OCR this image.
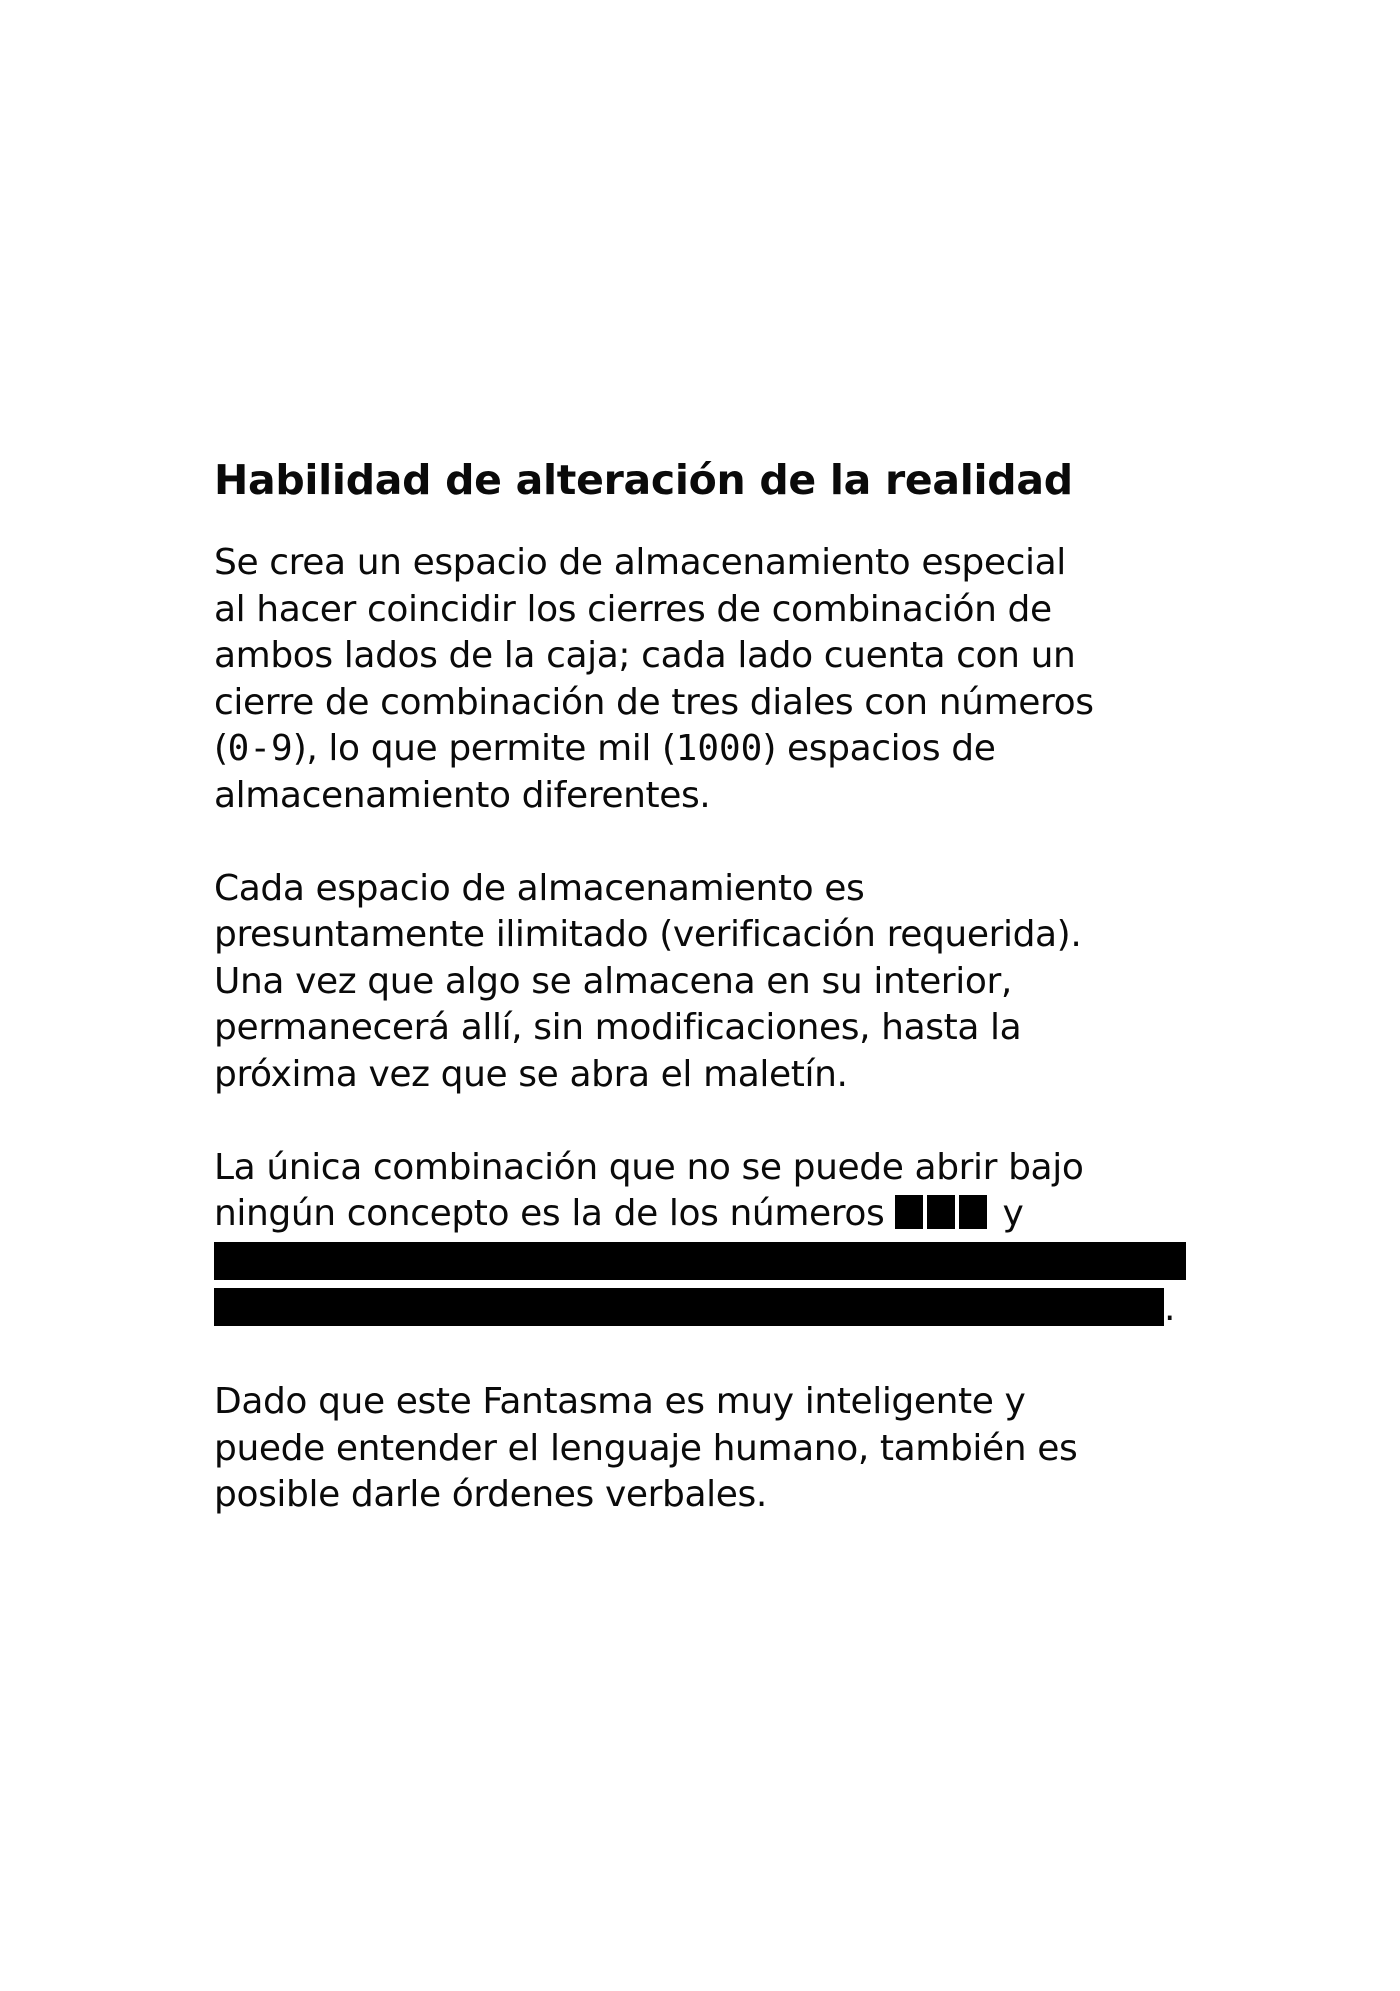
Habilidad de alteración de la realidad

Se crea un espacio de almacenamiento especial
al hacer coincidir los cierres de combinación de
ambos lados de la caja; cada lado cuenta con un
cierre de combinación de tres diales con números
(0-9), lo que permite mil (1000) espacios de
almacenamiento diferentes.

Cada espacio de almacenamiento es
presuntamente ilimitado (verificación requerida).
Una vez que algo se almacena en su interior,
permanecerá allí, sin modificaciones, hasta la
próxima vez que se abra el maletín.

La única combinación que no se puede abrir bajo
ningún concepto es la de los números	y
.

Dado que este Fantasma es muy inteligente y
puede entender el lenguaje humano, también es
posible darle órdenes verbales.
